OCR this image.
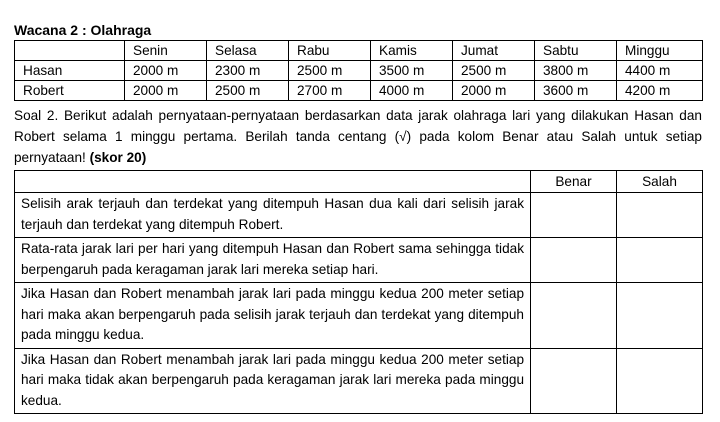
Wacana 2 : Olahraga
	Senin	Selasa	Rabu	Kamis	Jumat	Sabtu	Minggu
Hasan	2000 m	2300 m	2500 m	3500 m	2500 m	3800 m	4400 m
Robert	2000 m	2500 m	2700 m	4000 m	2000 m	3600 m	4200 m
Soal 2. Berikut adalah pernyataan-pernyataan berdasarkan data jarak olahraga lari yang dilakukan Hasan dan Robert selama 1 minggu pertama. Berilah tanda centang (√) pada kolom Benar atau Salah untuk setiap pernyataan! (skor 20)
	Benar	Salah
Selisih arak terjauh dan terdekat yang ditempuh Hasan dua kali dari selisih jarak terjauh dan terdekat yang ditempuh Robert.		
Rata-rata jarak lari per hari yang ditempuh Hasan dan Robert sama sehingga tidak berpengaruh pada keragaman jarak lari mereka setiap hari.		
Jika Hasan dan Robert menambah jarak lari pada minggu kedua 200 meter setiap hari maka akan berpengaruh pada selisih jarak terjauh dan terdekat yang ditempuh pada minggu kedua.		
Jika Hasan dan Robert menambah jarak lari pada minggu kedua 200 meter setiap hari maka tidak akan berpengaruh pada keragaman jarak lari mereka pada minggu kedua.		
